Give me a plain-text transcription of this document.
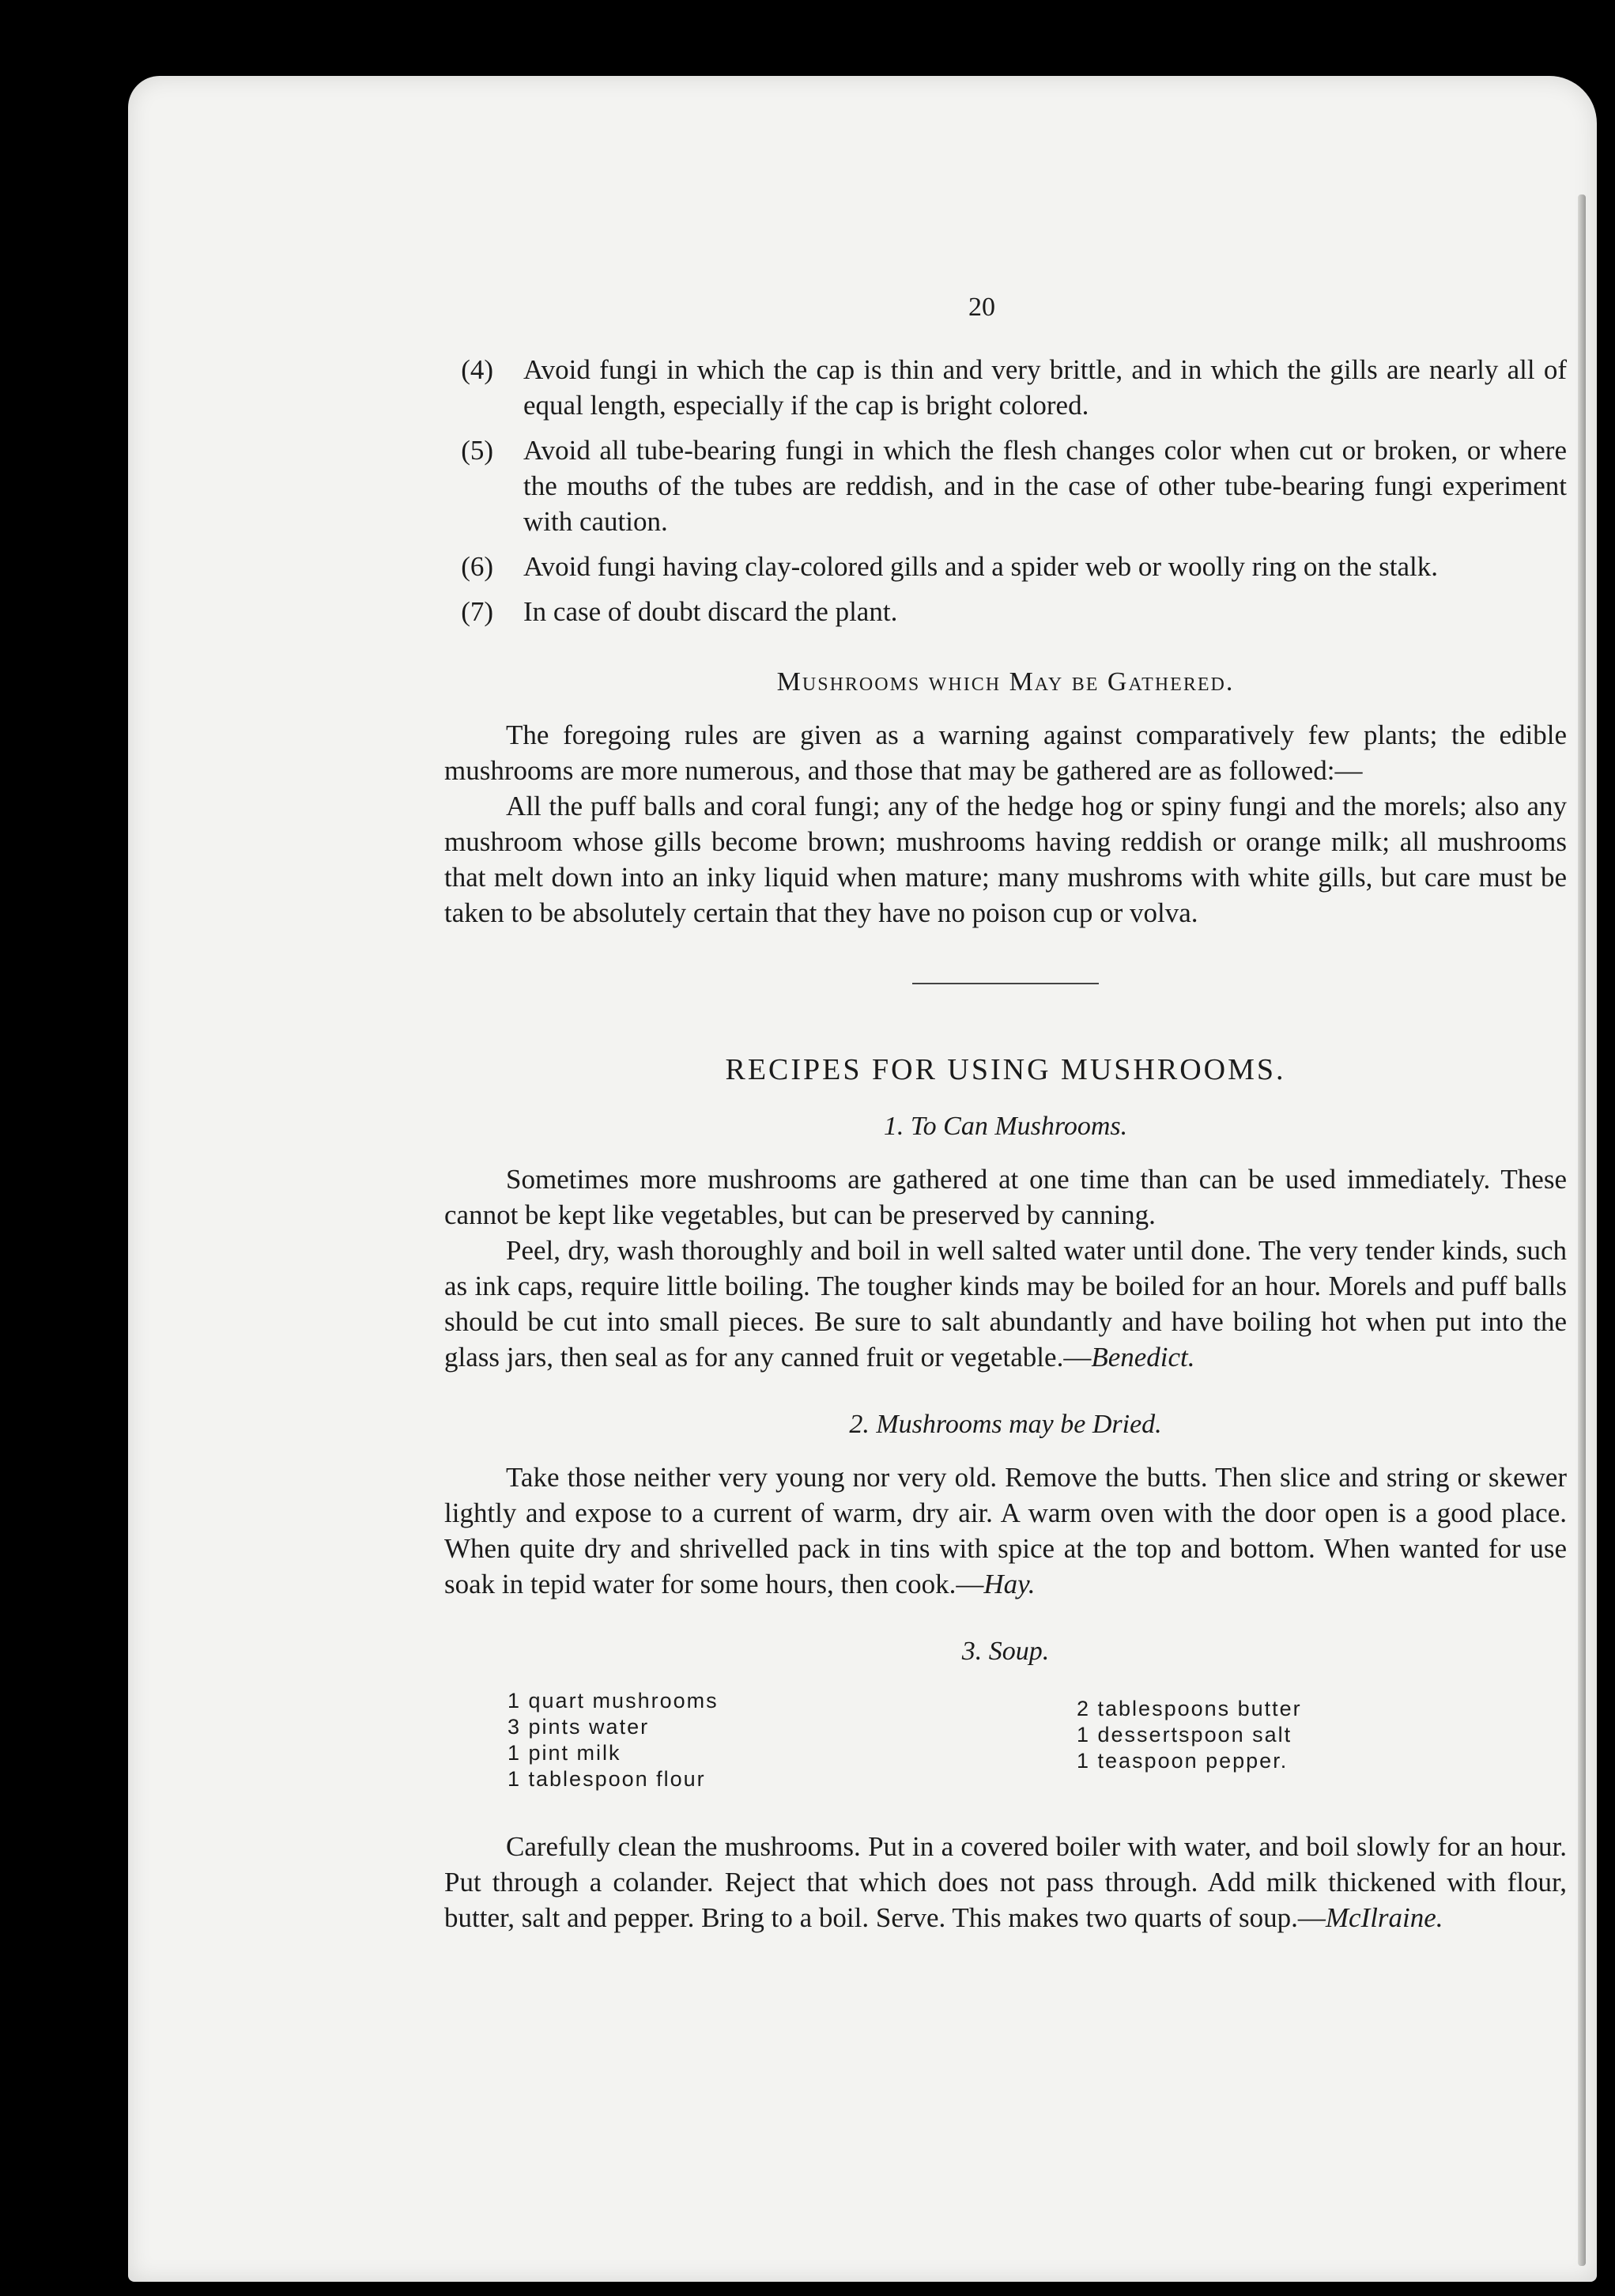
20
(4) Avoid fungi in which the cap is thin and very brittle, and in which the gills are nearly all of equal length, especially if the cap is bright colored.
(5) Avoid all tube-bearing fungi in which the flesh changes color when cut or broken, or where the mouths of the tubes are reddish, and in the case of other tube-bearing fungi experiment with caution.
(6) Avoid fungi having clay-colored gills and a spider web or woolly ring on the stalk.
(7) In case of doubt discard the plant.
Mushrooms which May be Gathered.

The foregoing rules are given as a warning against comparatively few plants; the edible mushrooms are more numerous, and those that may be gathered are as followed:—

All the puff balls and coral fungi; any of the hedge hog or spiny fungi and the morels; also any mushroom whose gills become brown; mushrooms having reddish or orange milk; all mushrooms that melt down into an inky liquid when mature; many mushroms with white gills, but care must be taken to be absolutely certain that they have no poison cup or volva.

RECIPES FOR USING MUSHROOMS.
1. To Can Mushrooms.

Sometimes more mushrooms are gathered at one time than can be used immediately. These cannot be kept like vegetables, but can be preserved by canning.

Peel, dry, wash thoroughly and boil in well salted water until done. The very tender kinds, such as ink caps, require little boiling. The tougher kinds may be boiled for an hour. Morels and puff balls should be cut into small pieces. Be sure to salt abundantly and have boiling hot when put into the glass jars, then seal as for any canned fruit or vegetable.—Benedict.

2. Mushrooms may be Dried.

Take those neither very young nor very old. Remove the butts. Then slice and string or skewer lightly and expose to a current of warm, dry air. A warm oven with the door open is a good place. When quite dry and shrivelled pack in tins with spice at the top and bottom. When wanted for use soak in tepid water for some hours, then cook.—Hay.

3. Soup.
1 quart mushrooms
3 pints water
1 pint milk
1 tablespoon flour
2 tablespoons butter
1 dessertspoon salt
1 teaspoon pepper.

Carefully clean the mushrooms. Put in a covered boiler with water, and boil slowly for an hour. Put through a colander. Reject that which does not pass through. Add milk thickened with flour, butter, salt and pepper. Bring to a boil. Serve. This makes two quarts of soup.—McIlraine.
